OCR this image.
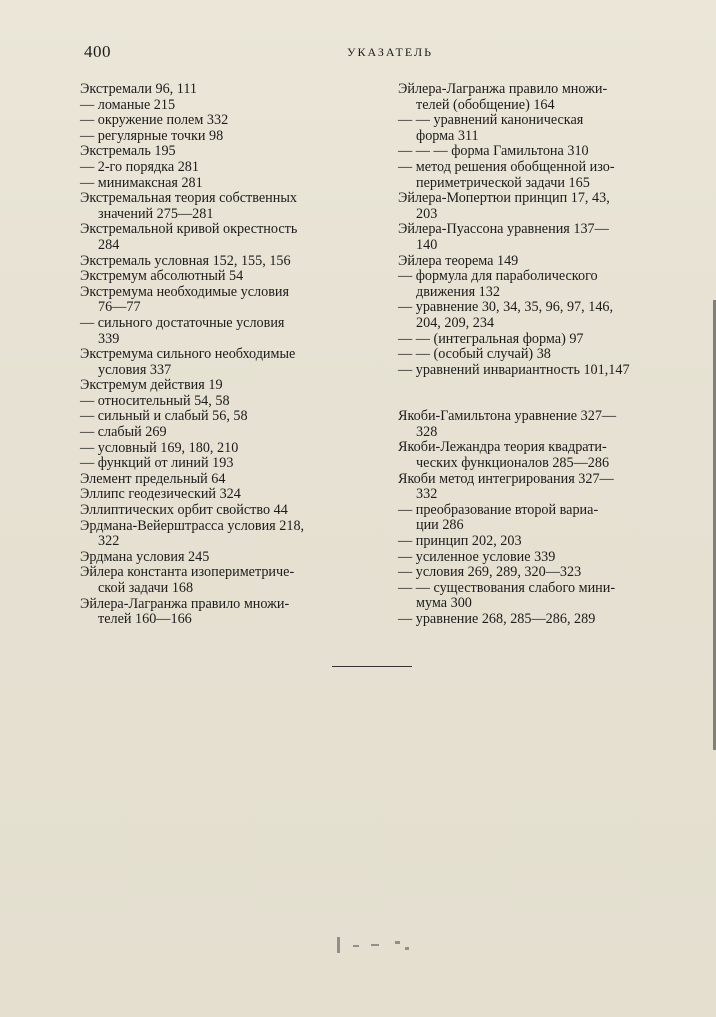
400	УКАЗАТЕЛЬ
Экстремали 96, 111
— ломаные 215
— окружение полем 332
— регулярные точки 98
Экстремаль 195
— 2-го порядка 281
— минимаксная 281
Экстремальная теория собственных
значений 275—281
Экстремальной кривой окрестность
284
Экстремаль условная 152, 155, 156
Экстремум абсолютный 54
Экстремума необходимые условия
76—77
— сильного достаточные условия
339
Экстремума сильного необходимые
условия 337
Экстремум действия 19
— относительный 54, 58
— сильный и слабый 56, 58
— слабый 269
— условный 169, 180, 210
— функций от линий 193
Элемент предельный 64
Эллипс геодезический 324
Эллиптических орбит свойство 44
Эрдмана-Вейерштрасса условия 218,
322
Эрдмана условия 245
Эйлера константа изопериметриче-
ской задачи 168
Эйлера-Лагранжа правило множи-
телей 160—166
Эйлера-Лагранжа правило множи-
телей (обобщение) 164
— — уравнений каноническая
форма 311
— — — форма Гамильтона 310
— метод решения обобщенной изо-
периметрической задачи 165
Эйлера-Мопертюи принцип 17, 43,
203
Эйлера-Пуассона уравнения 137—
140
Эйлера теорема 149
— формула для параболического
движения 132
— уравнение 30, 34, 35, 96, 97, 146,
204, 209, 234
— — (интегральная форма) 97
— — (особый случай) 38
— уравнений инвариантность 101,147
Якоби-Гамильтона уравнение 327—
328
Якоби-Лежандра теория квадрати-
ческих функционалов 285—286
Якоби метод интегрирования 327—
332
— преобразование второй вариа-
ции 286
— принцип 202, 203
— усиленное условие 339
— условия 269, 289, 320—323
— — существования слабого мини-
мума 300
— уравнение 268, 285—286, 289
